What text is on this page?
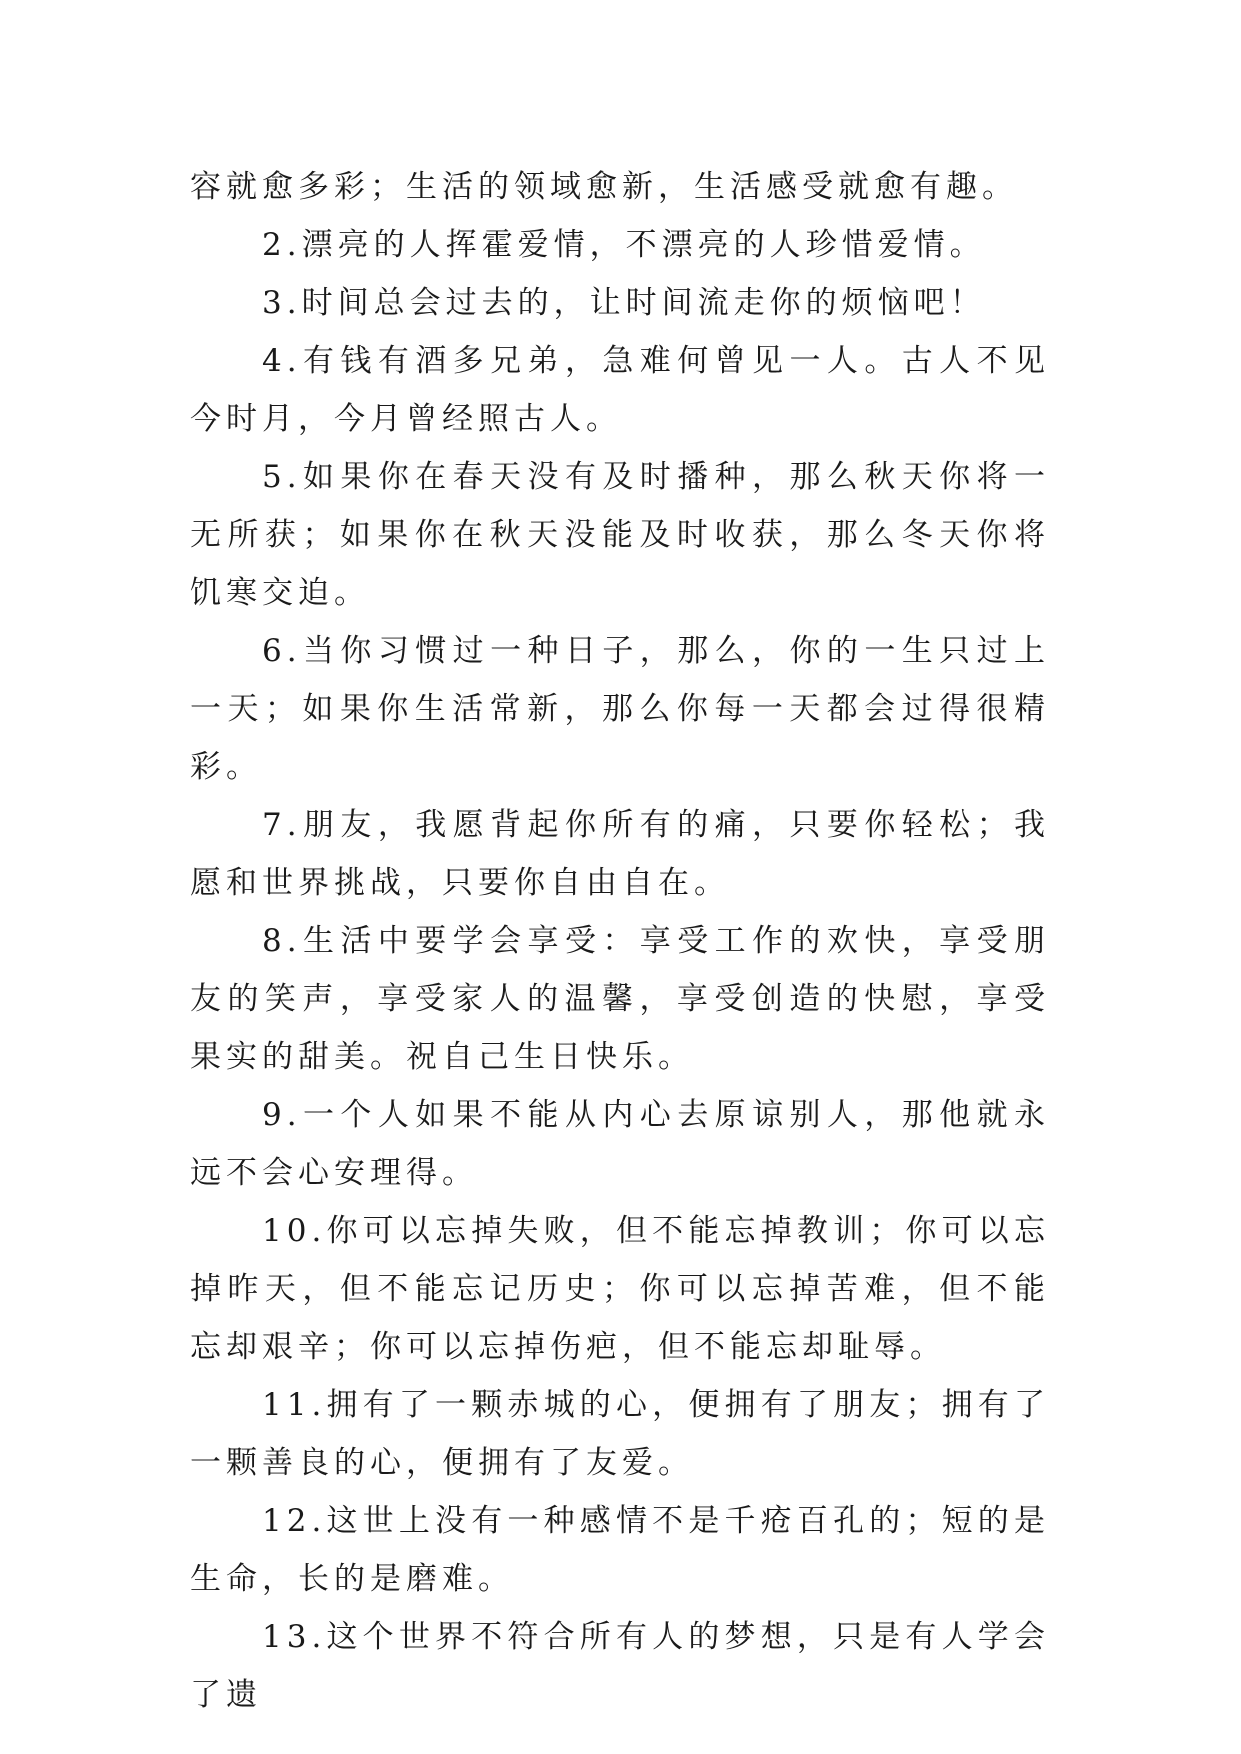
容就愈多彩；生活的领域愈新，生活感受就愈有趣。

2.漂亮的人挥霍爱情，不漂亮的人珍惜爱情。

3.时间总会过去的，让时间流走你的烦恼吧！

4.有钱有酒多兄弟，急难何曾见一人。古人不见今时月，今月曾经照古人。

5.如果你在春天没有及时播种，那么秋天你将一无所获；如果你在秋天没能及时收获，那么冬天你将饥寒交迫。

6.当你习惯过一种日子，那么，你的一生只过上一天；如果你生活常新，那么你每一天都会过得很精彩。

7.朋友，我愿背起你所有的痛，只要你轻松；我愿和世界挑战，只要你自由自在。

8.生活中要学会享受：享受工作的欢快，享受朋友的笑声，享受家人的温馨，享受创造的快慰，享受果实的甜美。祝自己生日快乐。

9.一个人如果不能从内心去原谅别人，那他就永远不会心安理得。

10.你可以忘掉失败，但不能忘掉教训；你可以忘掉昨天，但不能忘记历史；你可以忘掉苦难，但不能忘却艰辛；你可以忘掉伤疤，但不能忘却耻辱。

11.拥有了一颗赤城的心，便拥有了朋友；拥有了一颗善良的心，便拥有了友爱。

12.这世上没有一种感情不是千疮百孔的；短的是生命，长的是磨难。

13.这个世界不符合所有人的梦想，只是有人学会了遗
